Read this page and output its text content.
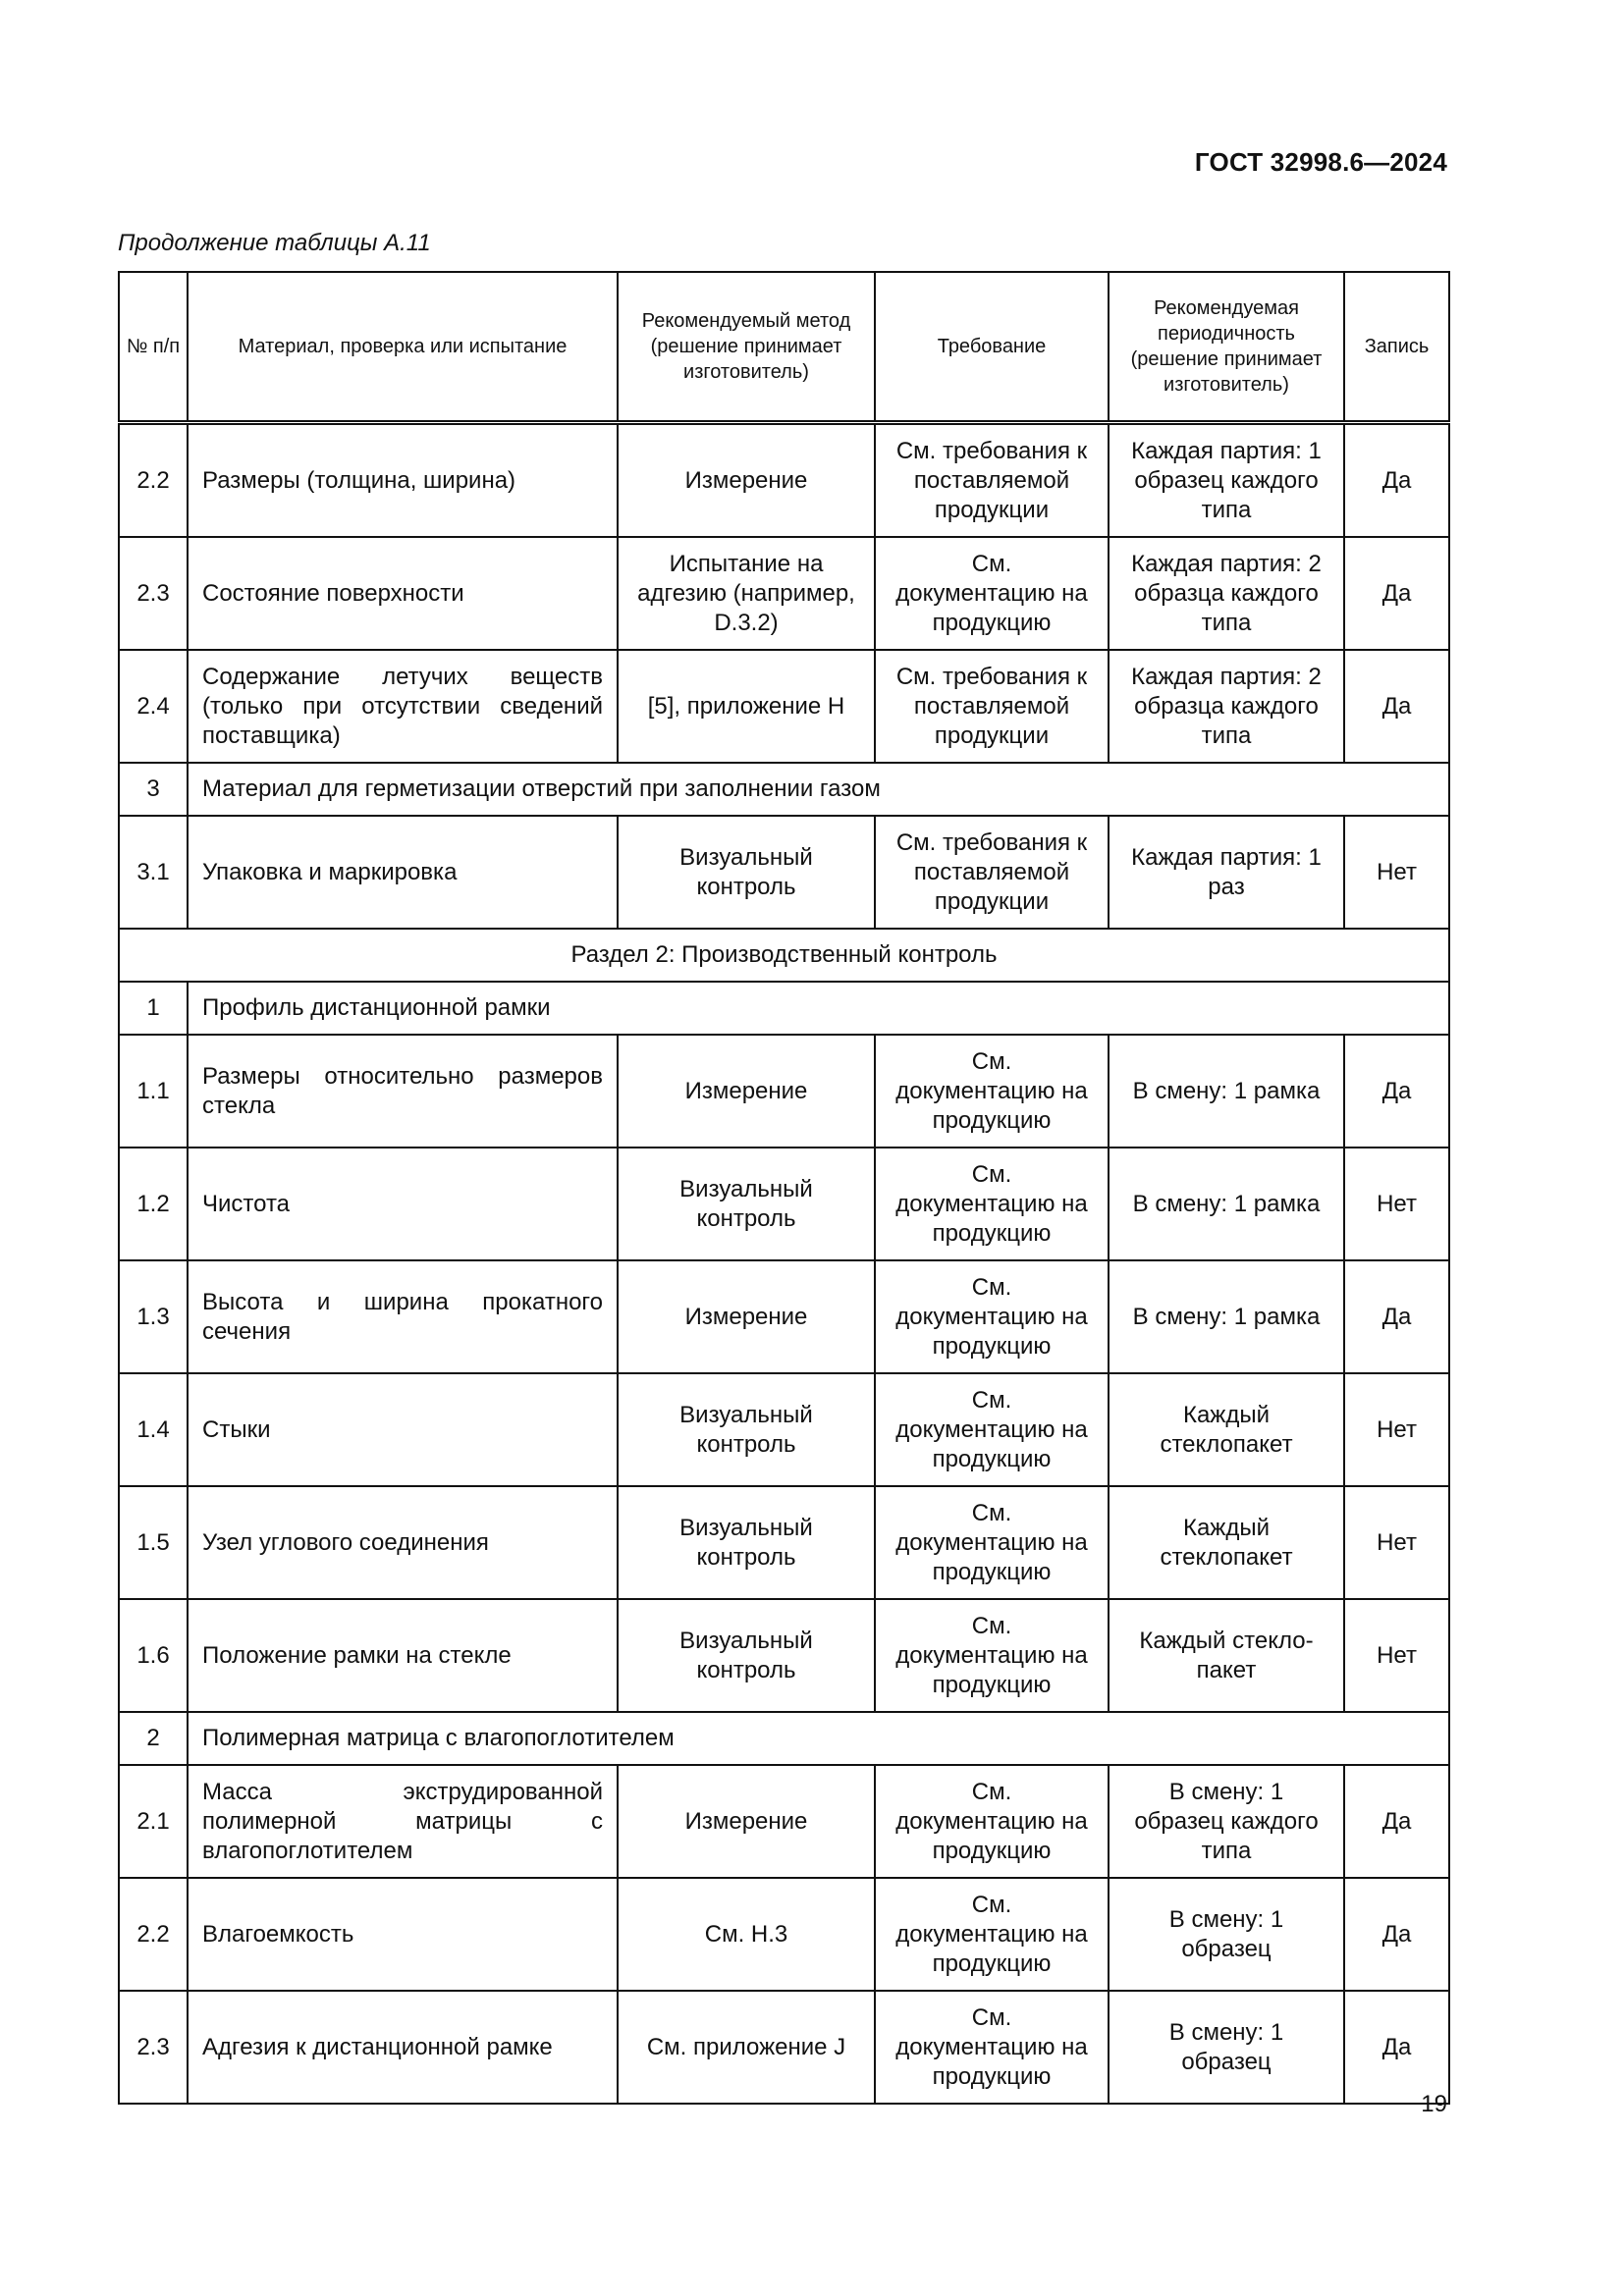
ГОСТ 32998.6—2024
Продолжение таблицы А.11
№ п/п	Материал, проверка или испытание	Рекомендуемый метод (решение принимает изготовитель)	Требование	Рекомендуемая периодичность (решение принимает изготовитель)	Запись
2.2	Размеры (толщина, ширина)	Измерение	См. требования к поставляемой продукции	Каждая партия: 1 образец каждого типа	Да
2.3	Состояние поверхности	Испытание на адгезию (например, D.3.2)	См. документацию на продукцию	Каждая партия: 2 образца каждого типа	Да
2.4	Содержание летучих веществ (только при отсутствии сведений поставщика)	[5], приложение Н	См. требования к поставляемой продукции	Каждая партия: 2 образца каждого типа	Да
3	Материал для герметизации отверстий при заполнении газом				
3.1	Упаковка и маркировка	Визуальный контроль	См. требования к поставляемой продукции	Каждая партия: 1 раз	Нет
Раздел 2: Производственный контроль					
1	Профиль дистанционной рамки				
1.1	Размеры относительно размеров стекла	Измерение	См. документацию на продукцию	В смену: 1 рамка	Да
1.2	Чистота	Визуальный контроль	См. документацию на продукцию	В смену: 1 рамка	Нет
1.3	Высота и ширина прокатного сечения	Измерение	См. документацию на продукцию	В смену: 1 рамка	Да
1.4	Стыки	Визуальный контроль	См. документацию на продукцию	Каждый стеклопакет	Нет
1.5	Узел углового соединения	Визуальный контроль	См. документацию на продукцию	Каждый стеклопакет	Нет
1.6	Положение рамки на стекле	Визуальный контроль	См. документацию на продукцию	Каждый стекло-пакет	Нет
2	Полимерная матрица с влагопоглотителем				
2.1	Масса экструдированной полимерной матрицы с влагопоглотителем	Измерение	См. документацию на продукцию	В смену: 1 образец каждого типа	Да
2.2	Влагоемкость	См. Н.3	См. документацию на продукцию	В смену: 1 образец	Да
2.3	Адгезия к дистанционной рамке	См. приложение J	См. документацию на продукцию	В смену: 1 образец	Да
19
